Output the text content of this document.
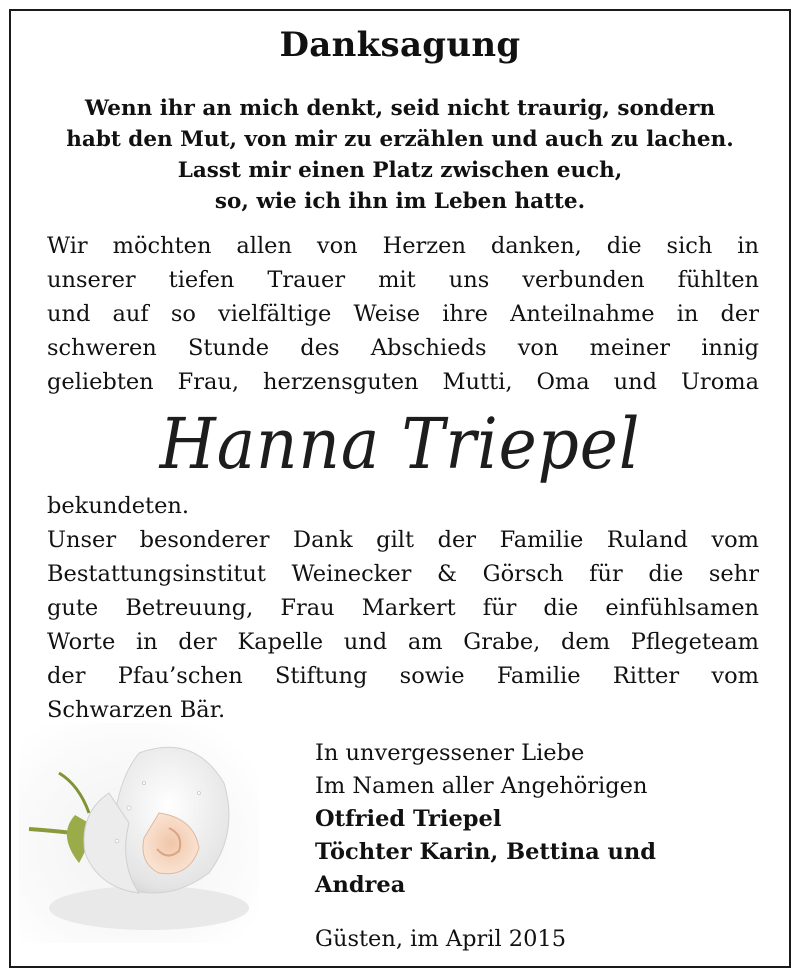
Danksagung
Wenn ihr an mich denkt, seid nicht traurig, sondern
habt den Mut, von mir zu erzählen und auch zu lachen.
Lasst mir einen Platz zwischen euch,
so, wie ich ihn im Leben hatte.
Wir möchten allen von Herzen danken, die sich in
unserer tiefen Trauer mit uns verbunden fühlten
und auf so vielfältige Weise ihre Anteilnahme in der
schweren Stunde des Abschieds von meiner innig
geliebten Frau, herzensguten Mutti, Oma und Uroma
Hanna Triepel
bekundeten.
Unser besonderer Dank gilt der Familie Ruland vom
Bestattungsinstitut Weinecker & Görsch für die sehr
gute Betreuung, Frau Markert für die einfühlsamen
Worte in der Kapelle und am Grabe, dem Pflegeteam
der Pfau’schen Stiftung sowie Familie Ritter vom
Schwarzen Bär.
In unvergessener Liebe
Im Namen aller Angehörigen
Otfried Triepel
Töchter Karin, Bettina und
Andrea
Güsten, im April 2015
